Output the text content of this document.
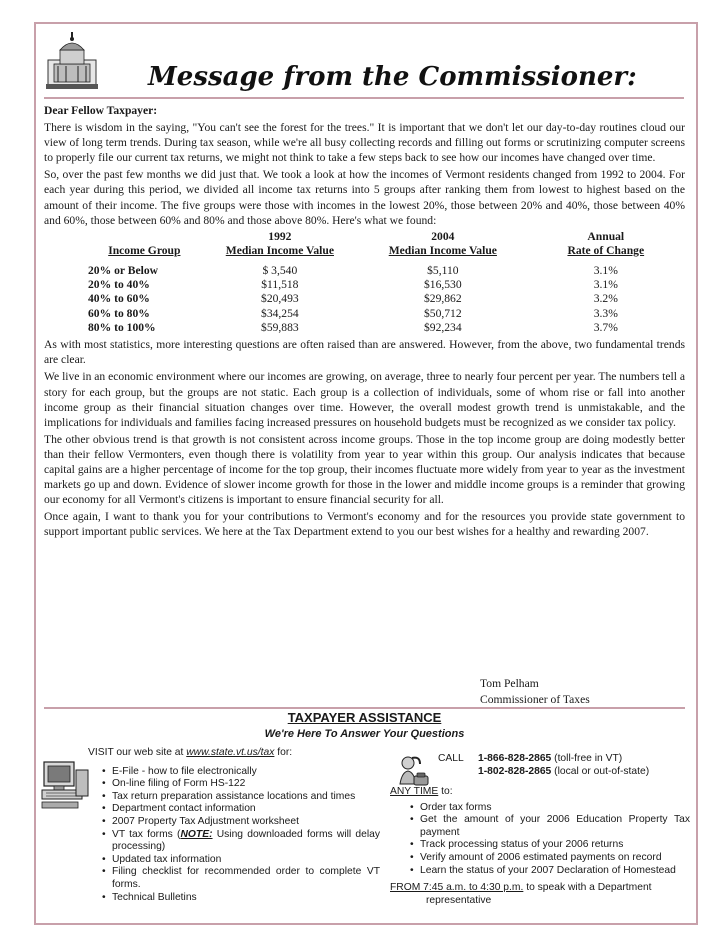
Message from the Commissioner:

Dear Fellow Taxpayer:

There is wisdom in the saying, "You can't see the forest for the trees." It is important that we don't let our day-to-day routines cloud our view of long term trends. During tax season, while we're all busy collecting records and filling out forms or scrutinizing computer screens to properly file our current tax returns, we might not think to take a few steps back to see how our incomes have changed over time.

So, over the past few months we did just that. We took a look at how the incomes of Vermont residents changed from 1992 to 2004. For each year during this period, we divided all income tax returns into 5 groups after ranking them from lowest to highest based on the amount of their income. The five groups were those with incomes in the lowest 20%, those between 20% and 40%, those between 40% and 60%, those between 60% and 80% and those above 80%. Here's what we found:

	1992	2004	Annual
Income Group	Median Income Value	Median Income Value	Rate of Change

20% or Below	$ 3,540	$5,110	3.1%
20% to 40%	$11,518	$16,530	3.1%
40% to 60%	$20,493	$29,862	3.2%
60% to 80%	$34,254	$50,712	3.3%
80% to 100%	$59,883	$92,234	3.7%

As with most statistics, more interesting questions are often raised than are answered. However, from the above, two fundamental trends are clear.

We live in an economic environment where our incomes are growing, on average, three to nearly four percent per year. The numbers tell a story for each group, but the groups are not static. Each group is a collection of individuals, some of whom rise or fall into another income group as their financial situation changes over time. However, the overall modest growth trend is unmistakable, and the implications for individuals and families facing increased pressures on household budgets must be recognized as we consider tax policy.

The other obvious trend is that growth is not consistent across income groups. Those in the top income group are doing modestly better than their fellow Vermonters, even though there is volatility from year to year within this group. Our analysis indicates that because capital gains are a higher percentage of income for the top group, their incomes fluctuate more widely from year to year as the investment markets go up and down. Evidence of slower income growth for those in the lower and middle income groups is a reminder that growing our economy for all Vermont's citizens is important to ensure financial security for all.

Once again, I want to thank you for your contributions to Vermont's economy and for the resources you provide state government to support important public services. We here at the Tax Department extend to you our best wishes for a healthy and rewarding 2007.

Tom Pelham
Commissioner of Taxes
TAXPAYER ASSISTANCE
We're Here To Answer Your Questions
VISIT our web site at www.state.vt.us/tax for:
• E-File - how to file electronically
• On-line filing of Form HS-122
• Tax return preparation assistance locations and times
• Department contact information
• 2007 Property Tax Adjustment worksheet
• VT tax forms (NOTE: Using downloaded forms will delay processing)
• Updated tax information
• Filing checklist for recommended order to complete VT forms.
• Technical Bulletins
CALL	1-866-828-2865 (toll-free in VT)
1-802-828-2865 (local or out-of-state)
ANY TIME to:
• Order tax forms
• Get the amount of your 2006 Education Property Tax payment
• Track processing status of your 2006 returns
• Verify amount of 2006 estimated payments on record
• Learn the status of your 2007 Declaration of Homestead
FROM 7:45 a.m. to 4:30 p.m. to speak with a Department
representative
